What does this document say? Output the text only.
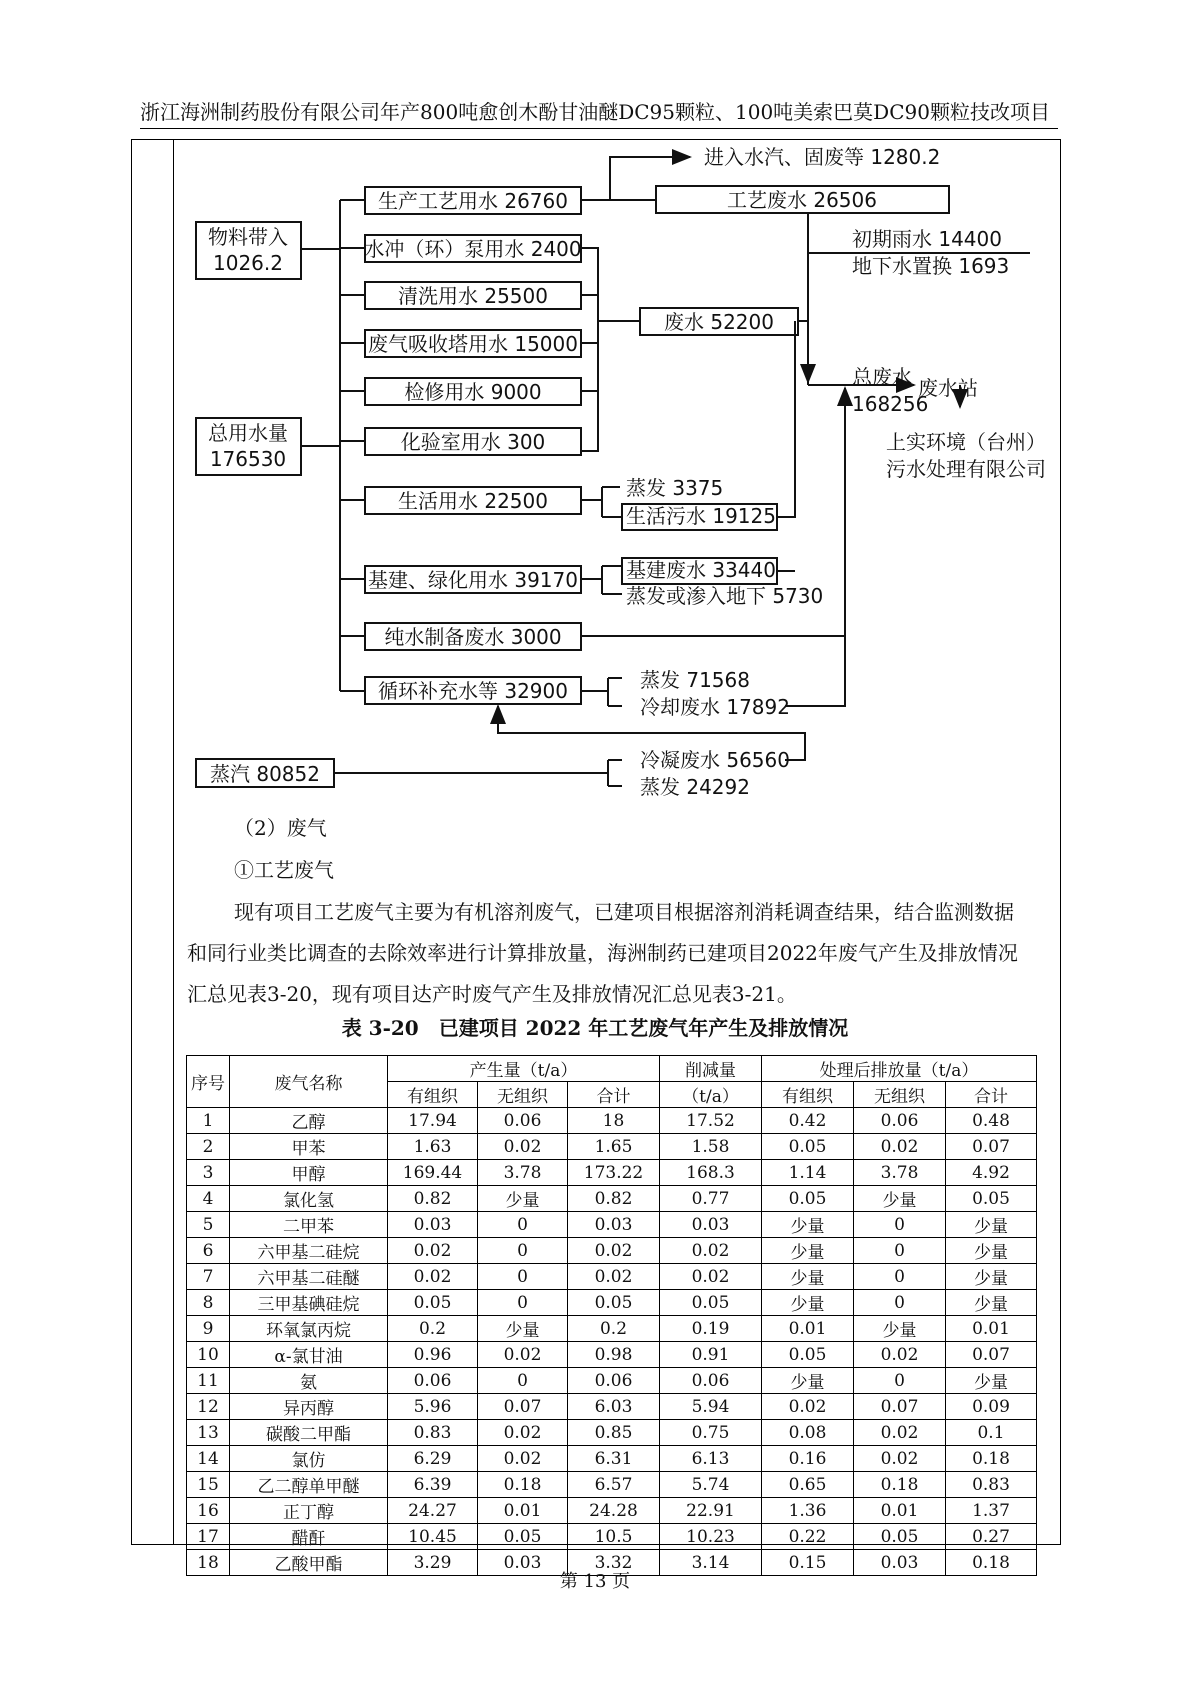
浙江海洲制药股份有限公司年产800吨愈创木酚甘油醚DC95颗粒、100吨美索巴莫DC90颗粒技改项目
物料带入
1026.2
总用水量
176530
蒸汽 80852
生产工艺用水 26760
水冲（环）泵用水 2400
清洗用水 25500
废气吸收塔用水 15000
检修用水 9000
化验室用水 300
生活用水 22500
基建、绿化用水 39170
纯水制备废水 3000
循环补充水等 32900
进入水汽、固废等 1280.2
工艺废水 26506
初期雨水 14400
地下水置换 1693
废水 52200
总废水
168256
废水站
上实环境（台州）
污水处理有限公司
蒸发 3375
生活污水 19125
基建废水 33440
蒸发或渗入地下 5730
蒸发 71568
冷却废水 17892
冷凝废水 56560
蒸发 24292
（2）废气
①工艺废气
现有项目工艺废气主要为有机溶剂废气，已建项目根据溶剂消耗调查结果，结合监测数据
和同行业类比调查的去除效率进行计算排放量，海洲制药已建项目2022年废气产生及排放情况
汇总见表3-20，现有项目达产时废气产生及排放情况汇总见表3-21。
表 3-20　已建项目 2022 年工艺废气年产生及排放情况
序号	废气名称	产生量（t/a）			削减量	处理后排放量（t/a）		
		有组织	无组织	合计	（t/a）	有组织	无组织	合计
1	乙醇	17.94	0.06	18	17.52	0.42	0.06	0.48
2	甲苯	1.63	0.02	1.65	1.58	0.05	0.02	0.07
3	甲醇	169.44	3.78	173.22	168.3	1.14	3.78	4.92
4	氯化氢	0.82	少量	0.82	0.77	0.05	少量	0.05
5	二甲苯	0.03	0	0.03	0.03	少量	0	少量
6	六甲基二硅烷	0.02	0	0.02	0.02	少量	0	少量
7	六甲基二硅醚	0.02	0	0.02	0.02	少量	0	少量
8	三甲基碘硅烷	0.05	0	0.05	0.05	少量	0	少量
9	环氧氯丙烷	0.2	少量	0.2	0.19	0.01	少量	0.01
10	α-氯甘油	0.96	0.02	0.98	0.91	0.05	0.02	0.07
11	氨	0.06	0	0.06	0.06	少量	0	少量
12	异丙醇	5.96	0.07	6.03	5.94	0.02	0.07	0.09
13	碳酸二甲酯	0.83	0.02	0.85	0.75	0.08	0.02	0.1
14	氯仿	6.29	0.02	6.31	6.13	0.16	0.02	0.18
15	乙二醇单甲醚	6.39	0.18	6.57	5.74	0.65	0.18	0.83
16	正丁醇	24.27	0.01	24.28	22.91	1.36	0.01	1.37
17	醋酐	10.45	0.05	10.5	10.23	0.22	0.05	0.27
18	乙酸甲酯	3.29	0.03	3.32	3.14	0.15	0.03	0.18
第 13 页
